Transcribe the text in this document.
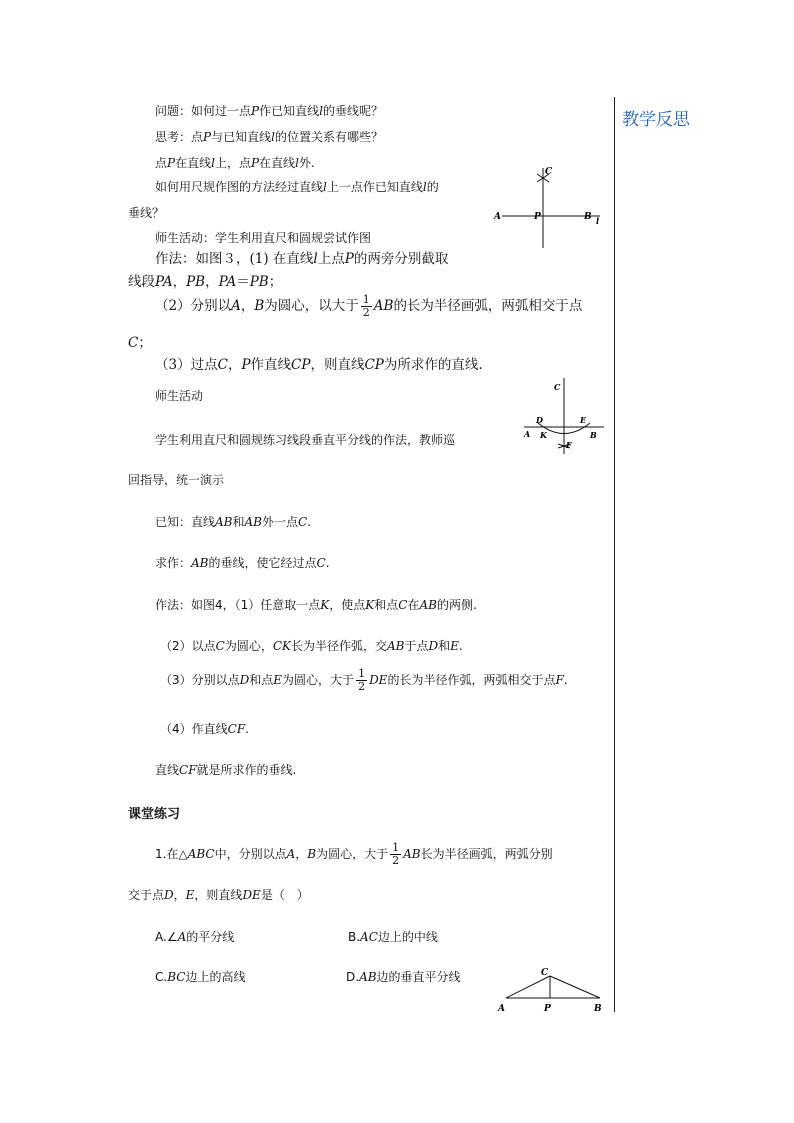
教学反思
问题：如何过一点P作已知直线l的垂线呢？
思考：点P与已知直线l的位置关系有哪些？
点P在直线l上，点P在直线l外.
如何用尺规作图的方法经过直线l上一点作已知直线l的
垂线？
师生活动：学生利用直尺和圆规尝试作图
作法：如图３，(1) 在直线l上点P的两旁分别截取
线段PA，PB，PA＝PB；
（2）分别以A，B为圆心，以大于 $\frac{1}{2}$ AB的长为半径画弧，两弧相交于点
C；
（3）过点C，P作直线CP，则直线CP为所求作的直线.
师生活动
学生利用直尺和圆规练习线段垂直平分线的作法，教师巡
回指导，统一演示
已知：直线AB和AB外一点C.
求作：AB的垂线，使它经过点C.
作法：如图4，（1）任意取一点K，使点K和点C在AB的两侧.
（2）以点C为圆心，CK长为半径作弧，交AB于点D和E.
（3）分别以点D和点E为圆心，大于 $\frac{1}{2}$ DE的长为半径作弧，两弧相交于点F.
（4）作直线CF.
直线CF就是所求作的垂线.
课堂练习
1.在△ABC中，分别以点A，B为圆心，大于 $\frac{1}{2}$ AB长为半径画弧，两弧分别
交于点D，E，则直线DE是（　）
A.∠A的平分线	B.AC边上的中线
C.BC边上的高线	D.AB边的垂直平分线
C
A	P	B l
C
D	E
A K	B
F
C
A	P	B
